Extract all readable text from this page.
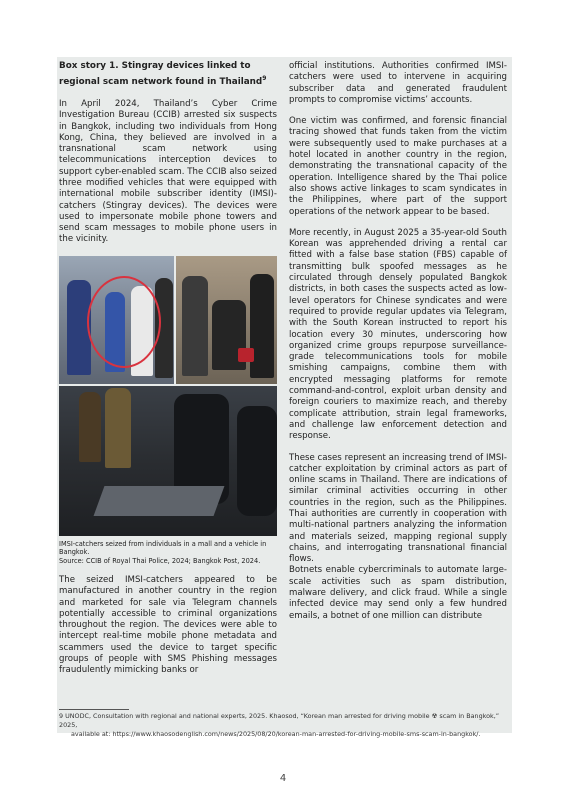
Box story 1. Stingray devices linked to regional scam network found in Thailand$^9$

In April 2024, Thailand’s Cyber Crime Investigation Bureau (CCIB) arrested six suspects in Bangkok, including two individuals from Hong Kong, China, they believed are involved in a transnational scam network using telecommunications interception devices to support cyber-enabled scam. The CCIB also seized three modified vehicles that were equipped with international mobile subscriber identity (IMSI)-catchers (Stingray devices). The devices were used to impersonate mobile phone towers and send scam messages to mobile phone users in the vicinity.

IMSI-catchers seized from individuals in a mall and a vehicle in Bangkok.
Source: CCIB of Royal Thai Police, 2024; Bangkok Post, 2024.

The seized IMSI-catchers appeared to be manufactured in another country in the region and marketed for sale via Telegram channels potentially accessible to criminal organizations throughout the region. The devices were able to intercept real-time mobile phone metadata and scammers used the device to target specific groups of people with SMS Phishing messages fraudulently mimicking banks or

official institutions. Authorities confirmed IMSI-catchers were used to intervene in acquiring subscriber data and generated fraudulent prompts to compromise victims’ accounts.

One victim was confirmed, and forensic financial tracing showed that funds taken from the victim were subsequently used to make purchases at a hotel located in another country in the region, demonstrating the transnational capacity of the operation. Intelligence shared by the Thai police also shows active linkages to scam syndicates in the Philippines, where part of the support operations of the network appear to be based.

More recently, in August 2025 a 35-year-old South Korean was apprehended driving a rental car fitted with a false base station (FBS) capable of transmitting bulk spoofed messages as he circulated through densely populated Bangkok districts, in both cases the suspects acted as low-level operators for Chinese syndicates and were required to provide regular updates via Telegram, with the South Korean instructed to report his location every 30 minutes, underscoring how organized crime groups repurpose surveillance-grade telecommunications tools for mobile smishing campaigns, combine them with encrypted messaging platforms for remote command-and-control, exploit urban density and foreign couriers to maximize reach, and thereby complicate attribution, strain legal frameworks, and challenge law enforcement detection and response.

These cases represent an increasing trend of IMSI-catcher exploitation by criminal actors as part of online scams in Thailand. There are indications of similar criminal activities occurring in other countries in the region, such as the Philippines. Thai authorities are currently in cooperation with multi-national partners analyzing the information and materials seized, mapping regional supply chains, and interrogating transnational financial flows.

Botnets enable cybercriminals to automate large-scale activities such as spam distribution, malware delivery, and click fraud. While a single infected device may send only a few hundred emails, a botnet of one million can distribute

9 UNODC, Consultation with regional and national experts, 2025. Khaosod, “Korean man arrested for driving mobile ☢ scam in Bangkok,” 2025,
available at: https://www.khaosodenglish.com/news/2025/08/20/korean-man-arrested-for-driving-mobile-sms-scam-in-bangkok/.
4
